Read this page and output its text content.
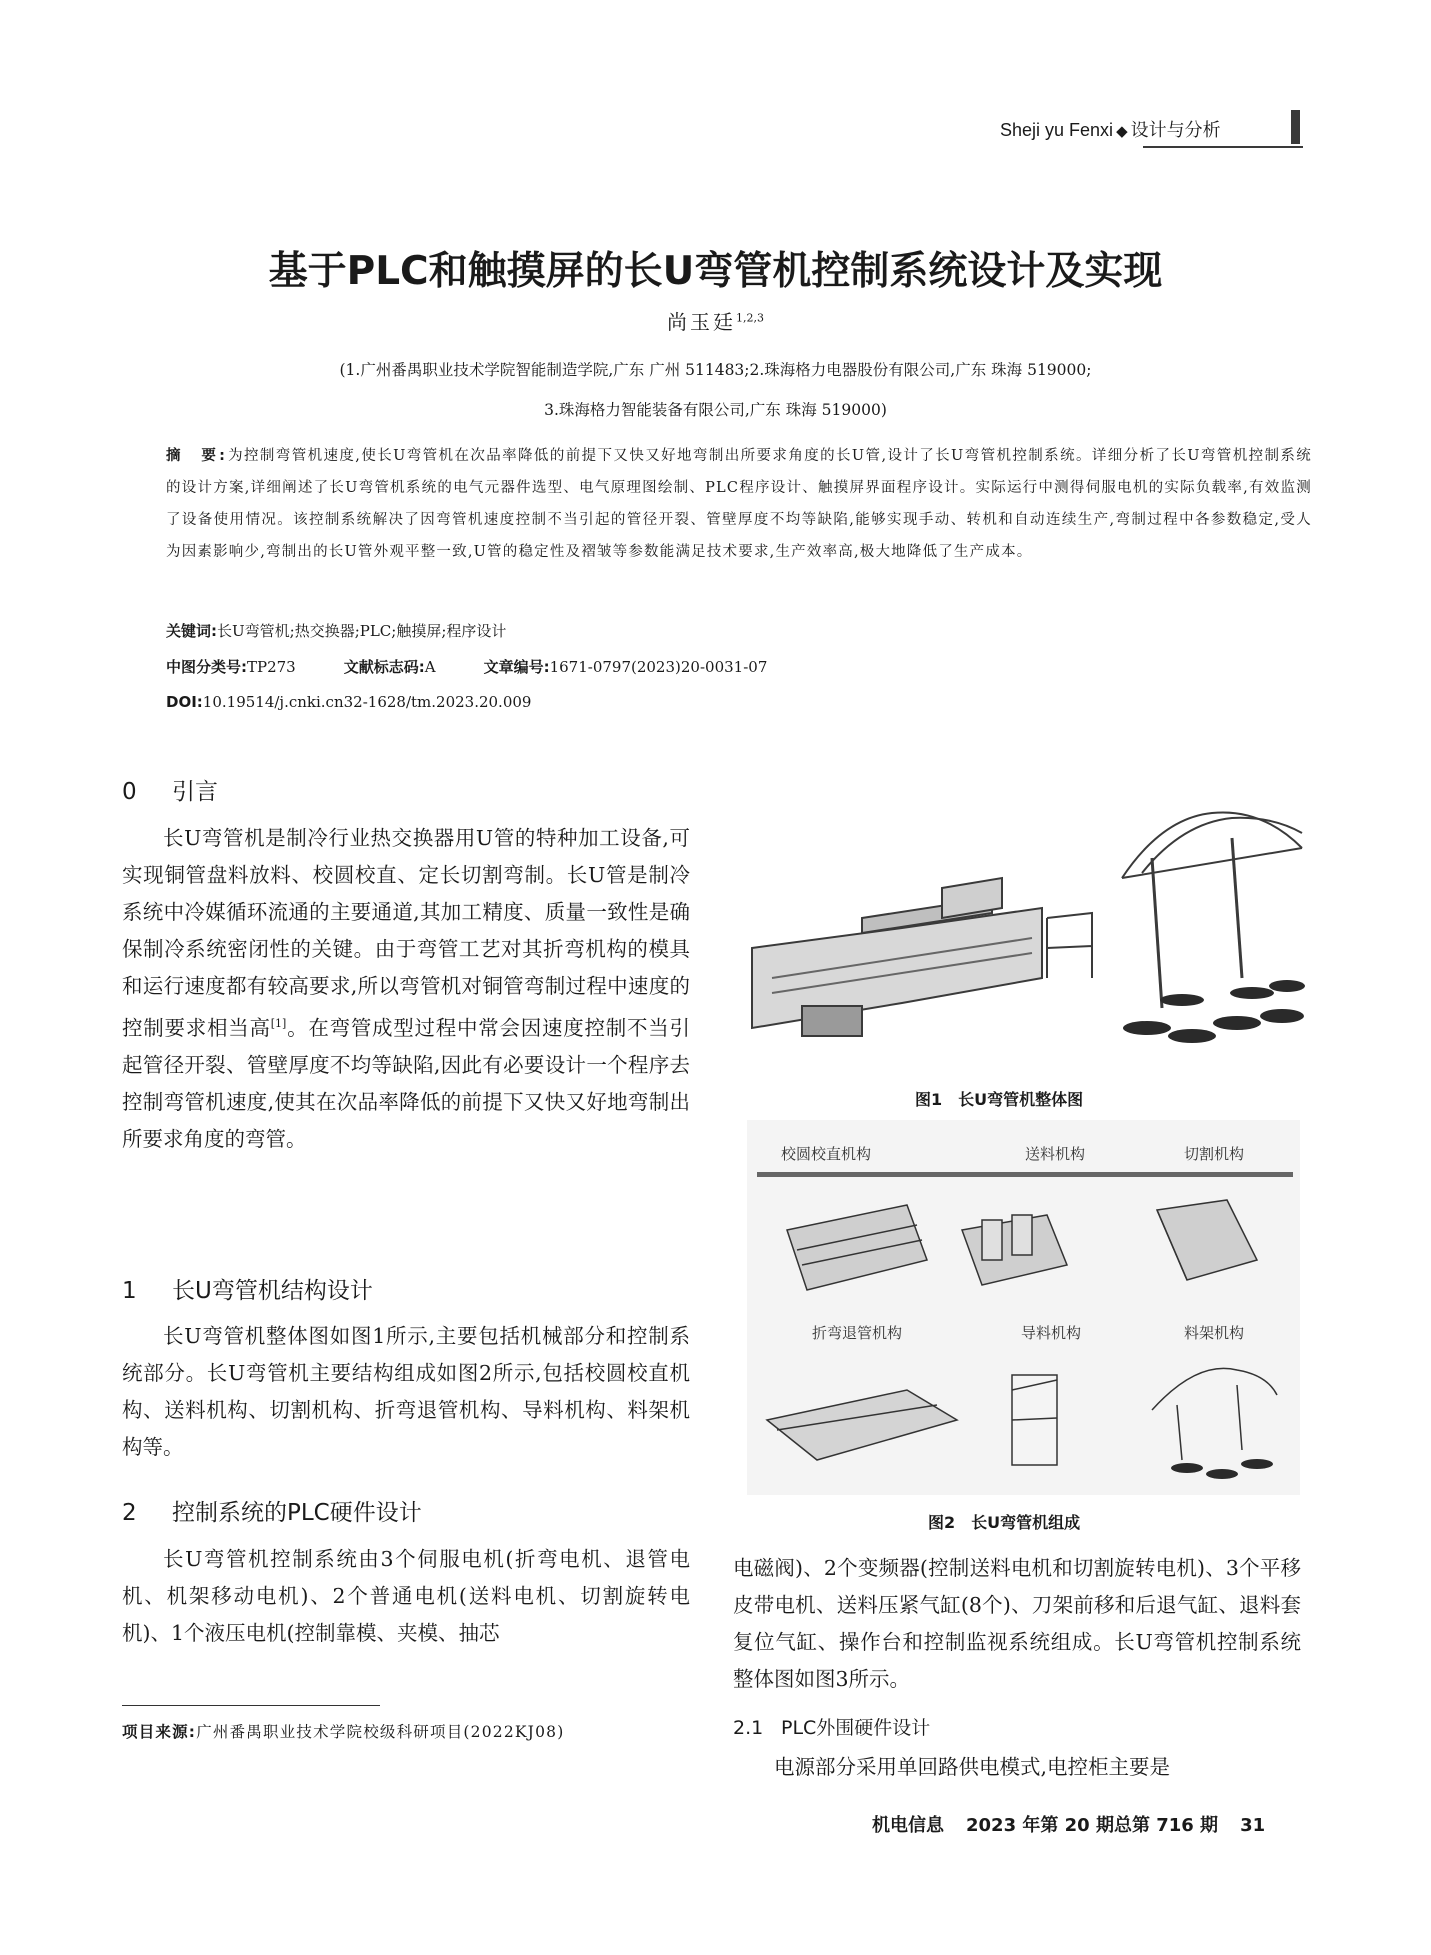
Sheji yu Fenxi ◆ 设计与分析
基于PLC和触摸屏的长U弯管机控制系统设计及实现
尚玉廷$^{1,2,3}$
(1.广州番禺职业技术学院智能制造学院,广东 广州 511483;2.珠海格力电器股份有限公司,广东 珠海 519000;
3.珠海格力智能装备有限公司,广东 珠海 519000)
摘　要:为控制弯管机速度,使长U弯管机在次品率降低的前提下又快又好地弯制出所要求角度的长U管,设计了长U弯管机控制系统。详细分析了长U弯管机控制系统的设计方案,详细阐述了长U弯管机系统的电气元器件选型、电气原理图绘制、PLC程序设计、触摸屏界面程序设计。实际运行中测得伺服电机的实际负载率,有效监测了设备使用情况。该控制系统解决了因弯管机速度控制不当引起的管径开裂、管壁厚度不均等缺陷,能够实现手动、转机和自动连续生产,弯制过程中各参数稳定,受人为因素影响少,弯制出的长U管外观平整一致,U管的稳定性及褶皱等参数能满足技术要求,生产效率高,极大地降低了生产成本。
关键词:长U弯管机;热交换器;PLC;触摸屏;程序设计
中图分类号:TP273	文献标志码:A	文章编号:1671-0797(2023)20-0031-07
DOI:10.19514/j.cnki.cn32-1628/tm.2023.20.009
0 引言

长U弯管机是制冷行业热交换器用U管的特种加工设备,可实现铜管盘料放料、校圆校直、定长切割弯制。长U管是制冷系统中冷媒循环流通的主要通道,其加工精度、质量一致性是确保制冷系统密闭性的关键。由于弯管工艺对其折弯机构的模具和运行速度都有较高要求,所以弯管机对铜管弯制过程中速度的控制要求相当高[1]。在弯管成型过程中常会因速度控制不当引起管径开裂、管壁厚度不均等缺陷,因此有必要设计一个程序去控制弯管机速度,使其在次品率降低的前提下又快又好地弯制出所要求角度的弯管。

1 长U弯管机结构设计

长U弯管机整体图如图1所示,主要包括机械部分和控制系统部分。长U弯管机主要结构组成如图2所示,包括校圆校直机构、送料机构、切割机构、折弯退管机构、导料机构、料架机构等。

2 控制系统的PLC硬件设计

长U弯管机控制系统由3个伺服电机(折弯电机、退管电机、机架移动电机)、2个普通电机(送料电机、切割旋转电机)、1个液压电机(控制靠模、夹模、抽芯

项目来源:广州番禺职业技术学院校级科研项目(2022KJ08)
图1 长U弯管机整体图
校圆校直机构	送料机构	切割机构
折弯退管机构	导料机构	料架机构
图2 长U弯管机组成

电磁阀)、2个变频器(控制送料电机和切割旋转电机)、3个平移皮带电机、送料压紧气缸(8个)、刀架前移和后退气缸、退料套复位气缸、操作台和控制监视系统组成。长U弯管机控制系统整体图如图3所示。

2.1 PLC外围硬件设计

电源部分采用单回路供电模式,电控柜主要是

机电信息 2023 年第 20 期总第 716 期 31
